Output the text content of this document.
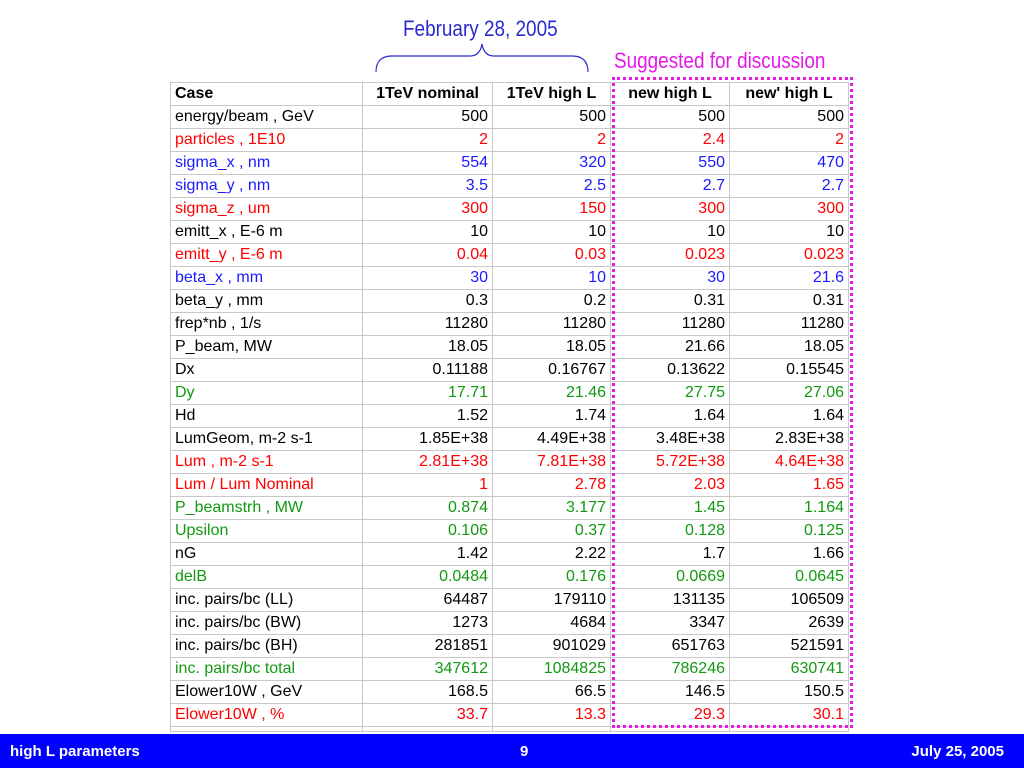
February 28, 2005
Suggested for discussion
Case	1TeV nominal	1TeV high L	new high L	new' high L
energy/beam , GeV	500	500	500	500
particles , 1E10	2	2	2.4	2
sigma_x , nm	554	320	550	470
sigma_y , nm	3.5	2.5	2.7	2.7
sigma_z , um	300	150	300	300
emitt_x , E-6 m	10	10	10	10
emitt_y , E-6 m	0.04	0.03	0.023	0.023
beta_x , mm	30	10	30	21.6
beta_y , mm	0.3	0.2	0.31	0.31
frep*nb , 1/s	11280	11280	11280	11280
P_beam, MW	18.05	18.05	21.66	18.05
Dx	0.11188	0.16767	0.13622	0.15545
Dy	17.71	21.46	27.75	27.06
Hd	1.52	1.74	1.64	1.64
LumGeom, m-2 s-1	1.85E+38	4.49E+38	3.48E+38	2.83E+38
Lum , m-2 s-1	2.81E+38	7.81E+38	5.72E+38	4.64E+38
Lum / Lum Nominal	1	2.78	2.03	1.65
P_beamstrh , MW	0.874	3.177	1.45	1.164
Upsilon	0.106	0.37	0.128	0.125
nG	1.42	2.22	1.7	1.66
delB	0.0484	0.176	0.0669	0.0645
inc. pairs/bc (LL)	64487	179110	131135	106509
inc. pairs/bc (BW)	1273	4684	3347	2639
inc. pairs/bc (BH)	281851	901029	651763	521591
inc. pairs/bc total	347612	1084825	786246	630741
Elower10W , GeV	168.5	66.5	146.5	150.5
Elower10W , %	33.7	13.3	29.3	30.1

high L parameters	9	July 25, 2005
